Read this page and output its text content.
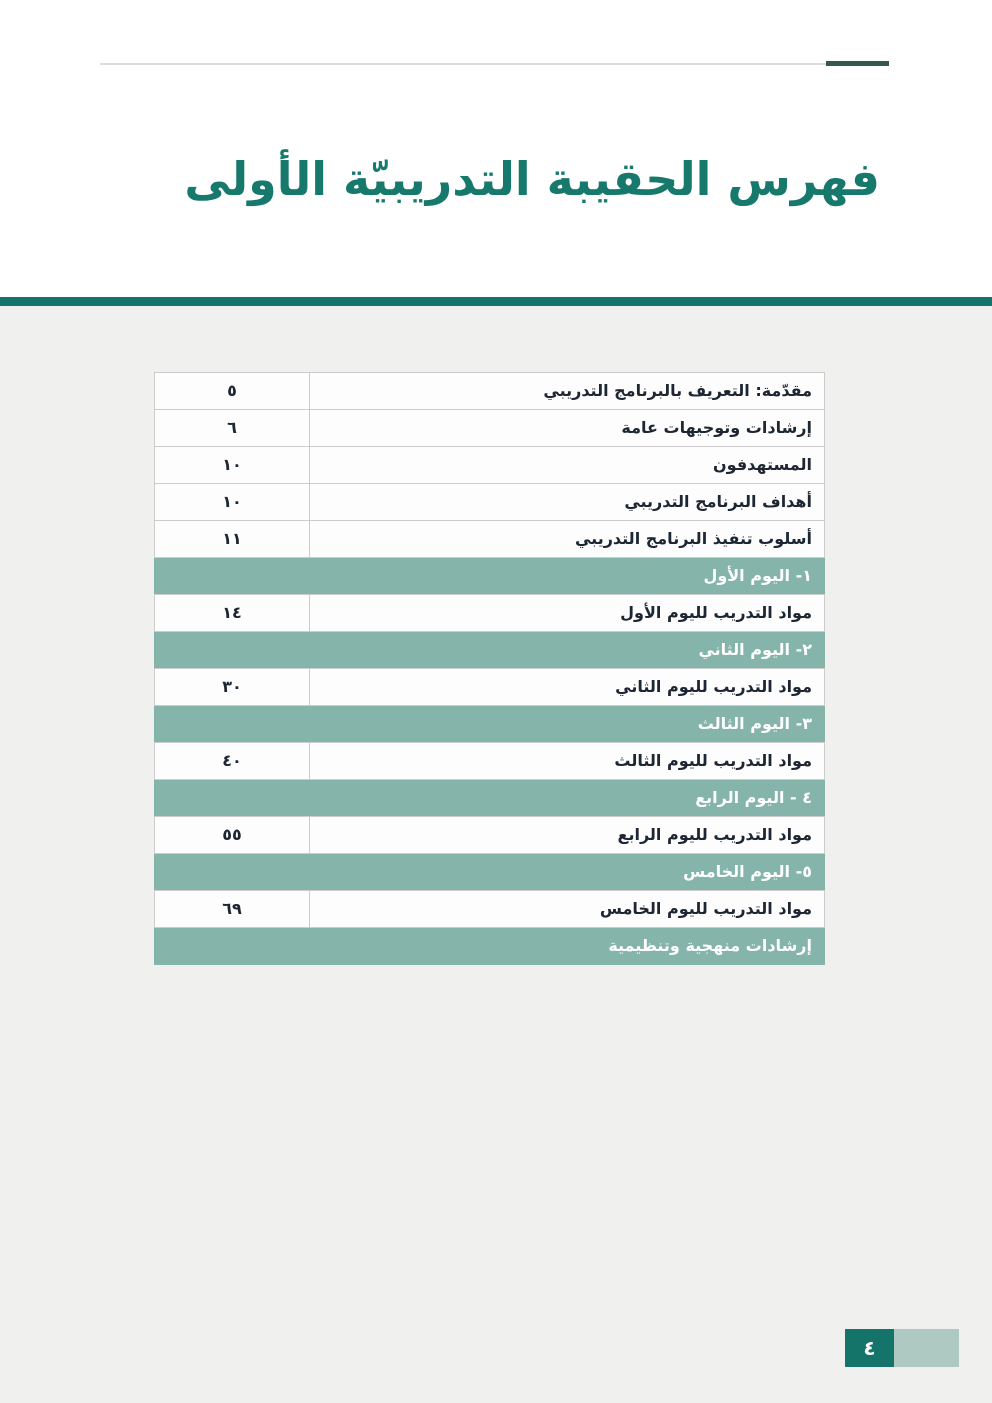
فهرس الحقيبة التدريبيّة الأولى
٥	مقدّمة: التعريف بالبرنامج التدريبي
٦	إرشادات وتوجيهات عامة
١٠	المستهدفون
١٠	أهداف البرنامج التدريبي
١١	أسلوب تنفيذ البرنامج التدريبي
١- اليوم الأول
١٤	مواد التدريب لليوم الأول
٢- اليوم الثاني
٣٠	مواد التدريب لليوم الثاني
٣- اليوم الثالث
٤٠	مواد التدريب لليوم الثالث
٤ - اليوم الرابع
٥٥	مواد التدريب لليوم الرابع
٥- اليوم الخامس
٦٩	مواد التدريب لليوم الخامس
إرشادات منهجية وتنظيمية
٤
